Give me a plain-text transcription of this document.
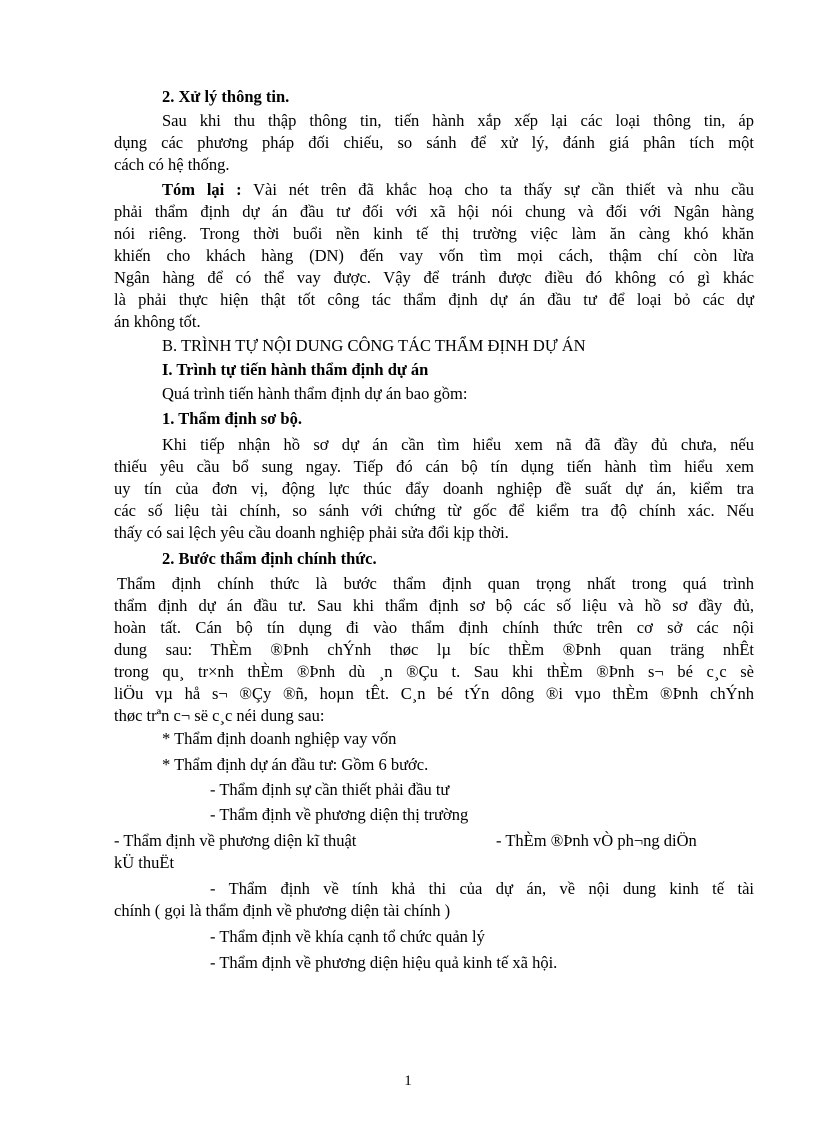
2. Xử lý thông tin.
Sau khi thu thập thông tin, tiến hành xắp xếp lại các loại thông tin, áp
dụng các phương pháp đối chiếu, so sánh để xử lý, đánh giá phân tích một
cách có hệ thống.
Tóm lại : Vài nét trên đã khắc hoạ cho ta thấy sự cần thiết và nhu cầu
phải thẩm định dự án đầu tư đối với xã hội nói chung và đối với Ngân hàng
nói riêng. Trong thời buổi nền kinh tế thị trường việc làm ăn càng khó khăn
khiến cho khách hàng (DN) đến vay vốn tìm mọi cách, thậm chí còn lừa
Ngân hàng để có thể vay được. Vậy để tránh được điều đó không có gì khác
là phải thực hiện thật tốt công tác thẩm định dự án đầu tư để loại bỏ các dự
án không tốt.
B. TRÌNH TỰ NỘI DUNG CÔNG TÁC THẨM ĐỊNH DỰ ÁN
I. Trình tự tiến hành thẩm định dự án
Quá trình tiến hành thẩm định dự án bao gồm:
1. Thẩm định sơ bộ.
Khi tiếp nhận hồ sơ dự án cần tìm hiểu xem nã đã đầy đủ chưa, nếu
thiếu yêu cầu bổ sung ngay. Tiếp đó cán bộ tín dụng tiến hành tìm hiểu xem
uy tín của đơn vị, động lực thúc đẩy doanh nghiệp đề suất dự án, kiểm tra
các số liệu tài chính, so sánh với chứng từ gốc để kiểm tra độ chính xác. Nếu
thấy có sai lệch yêu cầu doanh nghiệp phải sửa đổi kịp thời.
2. Bước thẩm định chính thức.
Thẩm định chính thức là bước thẩm định quan trọng nhất trong quá trình
thẩm định dự án đầu tư. Sau khi thẩm định sơ bộ các số liệu và hồ sơ đầy đủ,
hoàn tất. Cán bộ tín dụng đi vào thẩm định chính thức trên cơ sở các nội
dung sau: ThÈm ®Þnh chÝnh thøc lµ bíc thÈm ®Þnh quan träng nhÊt
trong qu¸ tr×nh thÈm ®Þnh dù ¸n ®Çu t. Sau khi thÈm ®Þnh s¬ bé c¸c sè
liÖu vµ hå s¬ ®Çy ®ñ, hoµn tÊt. C¸n bé tÝn dông ®i vµo thÈm ®Þnh chÝnh
thøc trªn c¬ së c¸c néi dung sau:
* Thẩm định doanh nghiệp vay vốn
* Thẩm định dự án đầu tư: Gồm 6 bước.
- Thẩm định sự cần thiết phải đầu tư
- Thẩm định về phương diện thị trường
- Thẩm định về phương diện kĩ thuật	- ThÈm ®Þnh vÒ ph¬ng diÖn
kÜ thuËt
- Thẩm định về tính khả thi của dự án, về nội dung kinh tế tài
chính ( gọi là thẩm định về phương diện tài chính )
- Thẩm định về khía cạnh tổ chức quản lý
- Thẩm định về phương diện hiệu quả kinh tế xã hội.
1
